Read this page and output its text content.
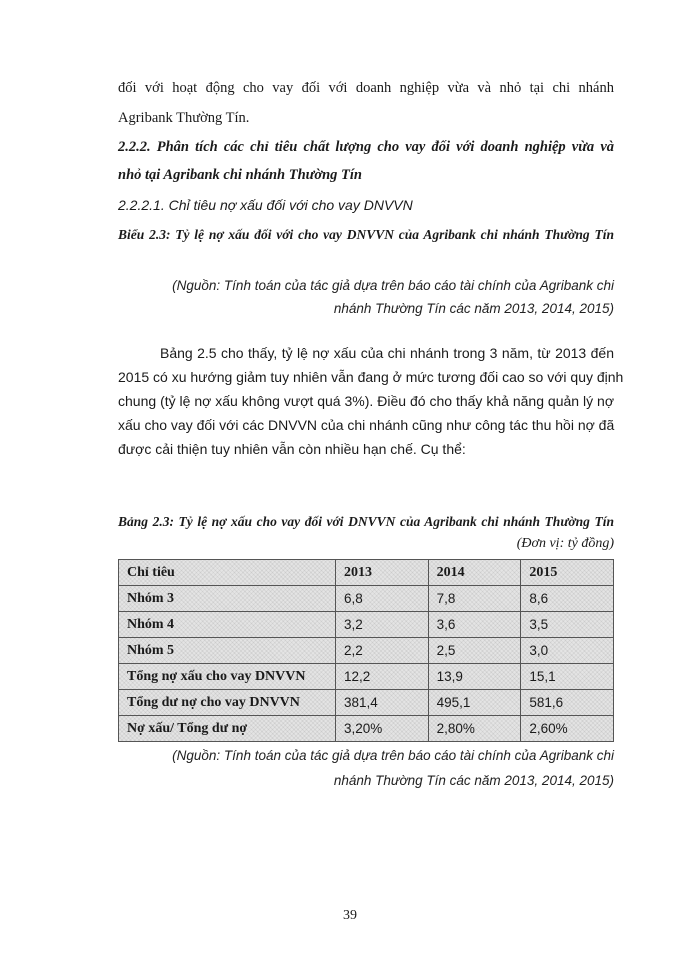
đối với hoạt động cho vay đối với doanh nghiệp vừa và nhỏ tại chi nhánh
Agribank Thường Tín.
2.2.2. Phân tích các chỉ tiêu chất lượng cho vay đối với doanh nghiệp vừa và
nhỏ tại Agribank chi nhánh Thường Tín
2.2.2.1. Chỉ tiêu nợ xấu đối với cho vay DNVVN
Biểu 2.3: Tỷ lệ nợ xấu đối với cho vay DNVVN của Agribank chi nhánh Thường Tín
(Nguồn: Tính toán của tác giả dựa trên báo cáo tài chính của Agribank chi
nhánh Thường Tín các năm 2013, 2014, 2015)
Bảng 2.5 cho thấy, tỷ lệ nợ xấu của chi nhánh trong 3 năm, từ 2013 đến
2015 có xu hướng giảm tuy nhiên vẫn đang ở mức tương đối cao so với quy định
chung (tỷ lệ nợ xấu không vượt quá 3%). Điều đó cho thấy khả năng quản lý nợ
xấu cho vay đối với các DNVVN của chi nhánh cũng như công tác thu hồi nợ đã
được cải thiện tuy nhiên vẫn còn nhiều hạn chế. Cụ thể:
Bảng 2.3: Tỷ lệ nợ xấu cho vay đối với DNVVN của Agribank chi nhánh Thường Tín
(Đơn vị: tỷ đồng)
Chỉ tiêu	2013	2014	2015
Nhóm 3	6,8	7,8	8,6
Nhóm 4	3,2	3,6	3,5
Nhóm 5	2,2	2,5	3,0
Tổng nợ xấu cho vay DNVVN	12,2	13,9	15,1
Tổng dư nợ cho vay DNVVN	381,4	495,1	581,6
Nợ xấu/ Tổng dư nợ	3,20%	2,80%	2,60%
(Nguồn: Tính toán của tác giả dựa trên báo cáo tài chính của Agribank chi
nhánh Thường Tín các năm 2013, 2014, 2015)
39
